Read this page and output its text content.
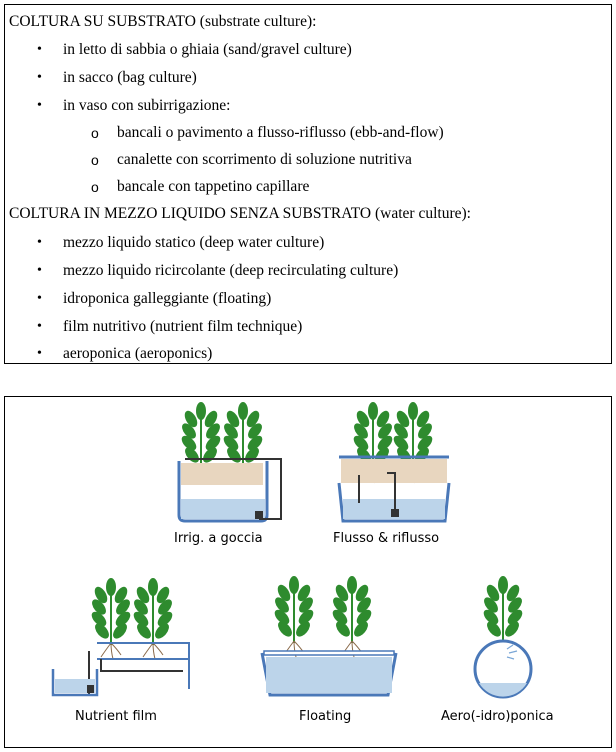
COLTURA SU SUBSTRATO (substrate culture):
• in letto di sabbia o ghiaia (sand/gravel culture)
• in sacco (bag culture)
• in vaso con subirrigazione:
o bancali o pavimento a flusso-riflusso (ebb-and-flow)
o canalette con scorrimento di soluzione nutritiva
o bancale con tappetino capillare
COLTURA IN MEZZO LIQUIDO SENZA SUBSTRATO (water culture):
• mezzo liquido statico (deep water culture)
• mezzo liquido ricircolante (deep recirculating culture)
• idroponica galleggiante (floating)
• film nutritivo (nutrient film technique)
• aeroponica (aeroponics)
Irrig. a goccia	Flusso & riflusso
Nutrient film	Floating	Aero(-idro)ponica
